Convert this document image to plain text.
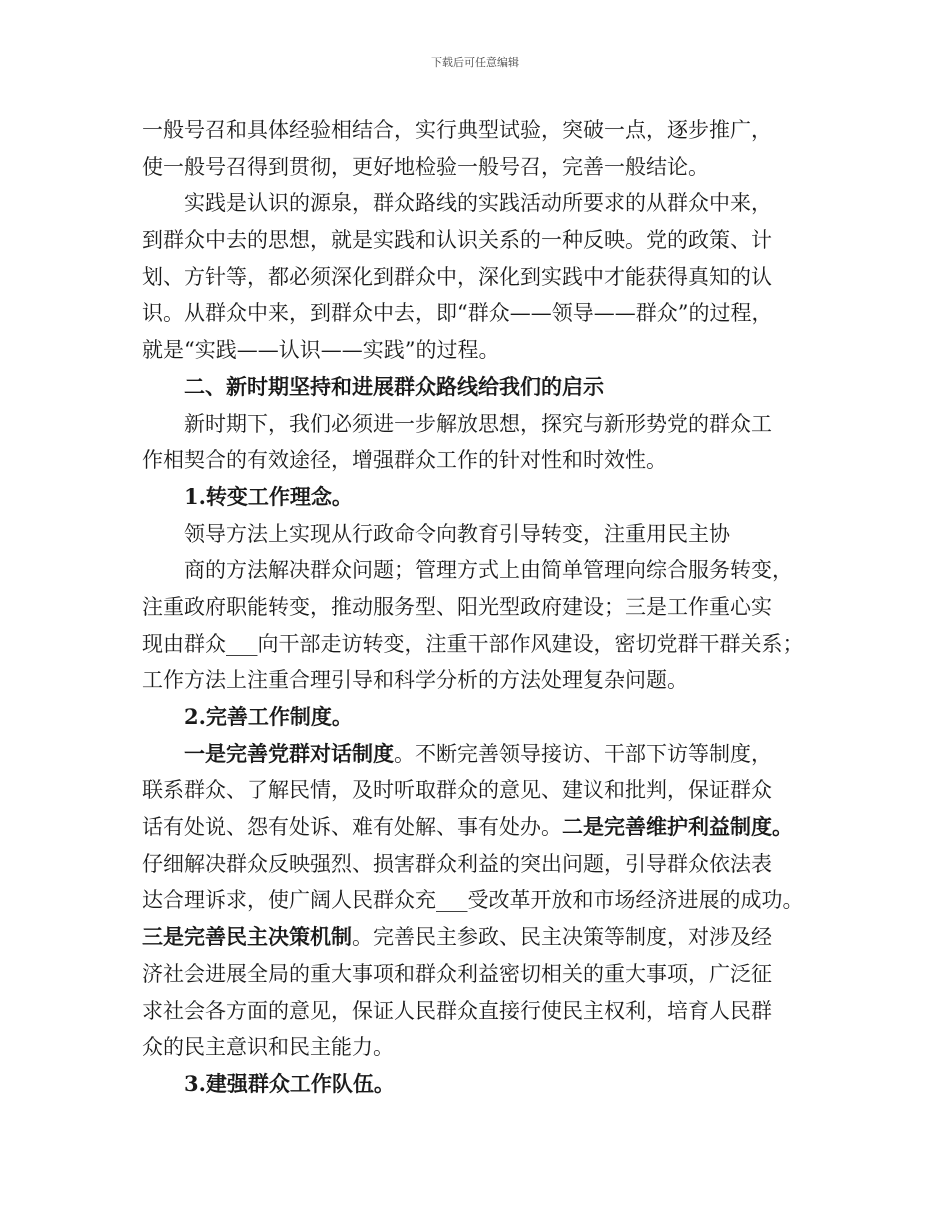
下载后可任意编辑
一般号召和具体经验相结合，实行典型试验，突破一点，逐步推广，
使一般号召得到贯彻，更好地检验一般号召，完善一般结论。
实践是认识的源泉，群众路线的实践活动所要求的从群众中来，
到群众中去的思想，就是实践和认识关系的一种反映。党的政策、计
划、方针等，都必须深化到群众中，深化到实践中才能获得真知的认
识。从群众中来，到群众中去，即“群众——领导——群众”的过程，
就是“实践——认识——实践”的过程。
二、新时期坚持和进展群众路线给我们的启示
新时期下，我们必须进一步解放思想，探究与新形势党的群众工
作相契合的有效途径，增强群众工作的针对性和时效性。
1.转变工作理念。
领导方法上实现从行政命令向教育引导转变，注重用民主协
商的方法解决群众问题；管理方式上由简单管理向综合服务转变，
注重政府职能转变，推动服务型、阳光型政府建设；三是工作重心实
现由群众___向干部走访转变，注重干部作风建设，密切党群干群关系；
工作方法上注重合理引导和科学分析的方法处理复杂问题。
2.完善工作制度。
一是完善党群对话制度。不断完善领导接访、干部下访等制度，
联系群众、了解民情，及时听取群众的意见、建议和批判，保证群众
话有处说、怨有处诉、难有处解、事有处办。二是完善维护利益制度。
仔细解决群众反映强烈、损害群众利益的突出问题，引导群众依法表
达合理诉求，使广阔人民群众充___受改革开放和市场经济进展的成功。
三是完善民主决策机制。完善民主参政、民主决策等制度，对涉及经
济社会进展全局的重大事项和群众利益密切相关的重大事项，广泛征
求社会各方面的意见，保证人民群众直接行使民主权利，培育人民群
众的民主意识和民主能力。
3.建强群众工作队伍。
